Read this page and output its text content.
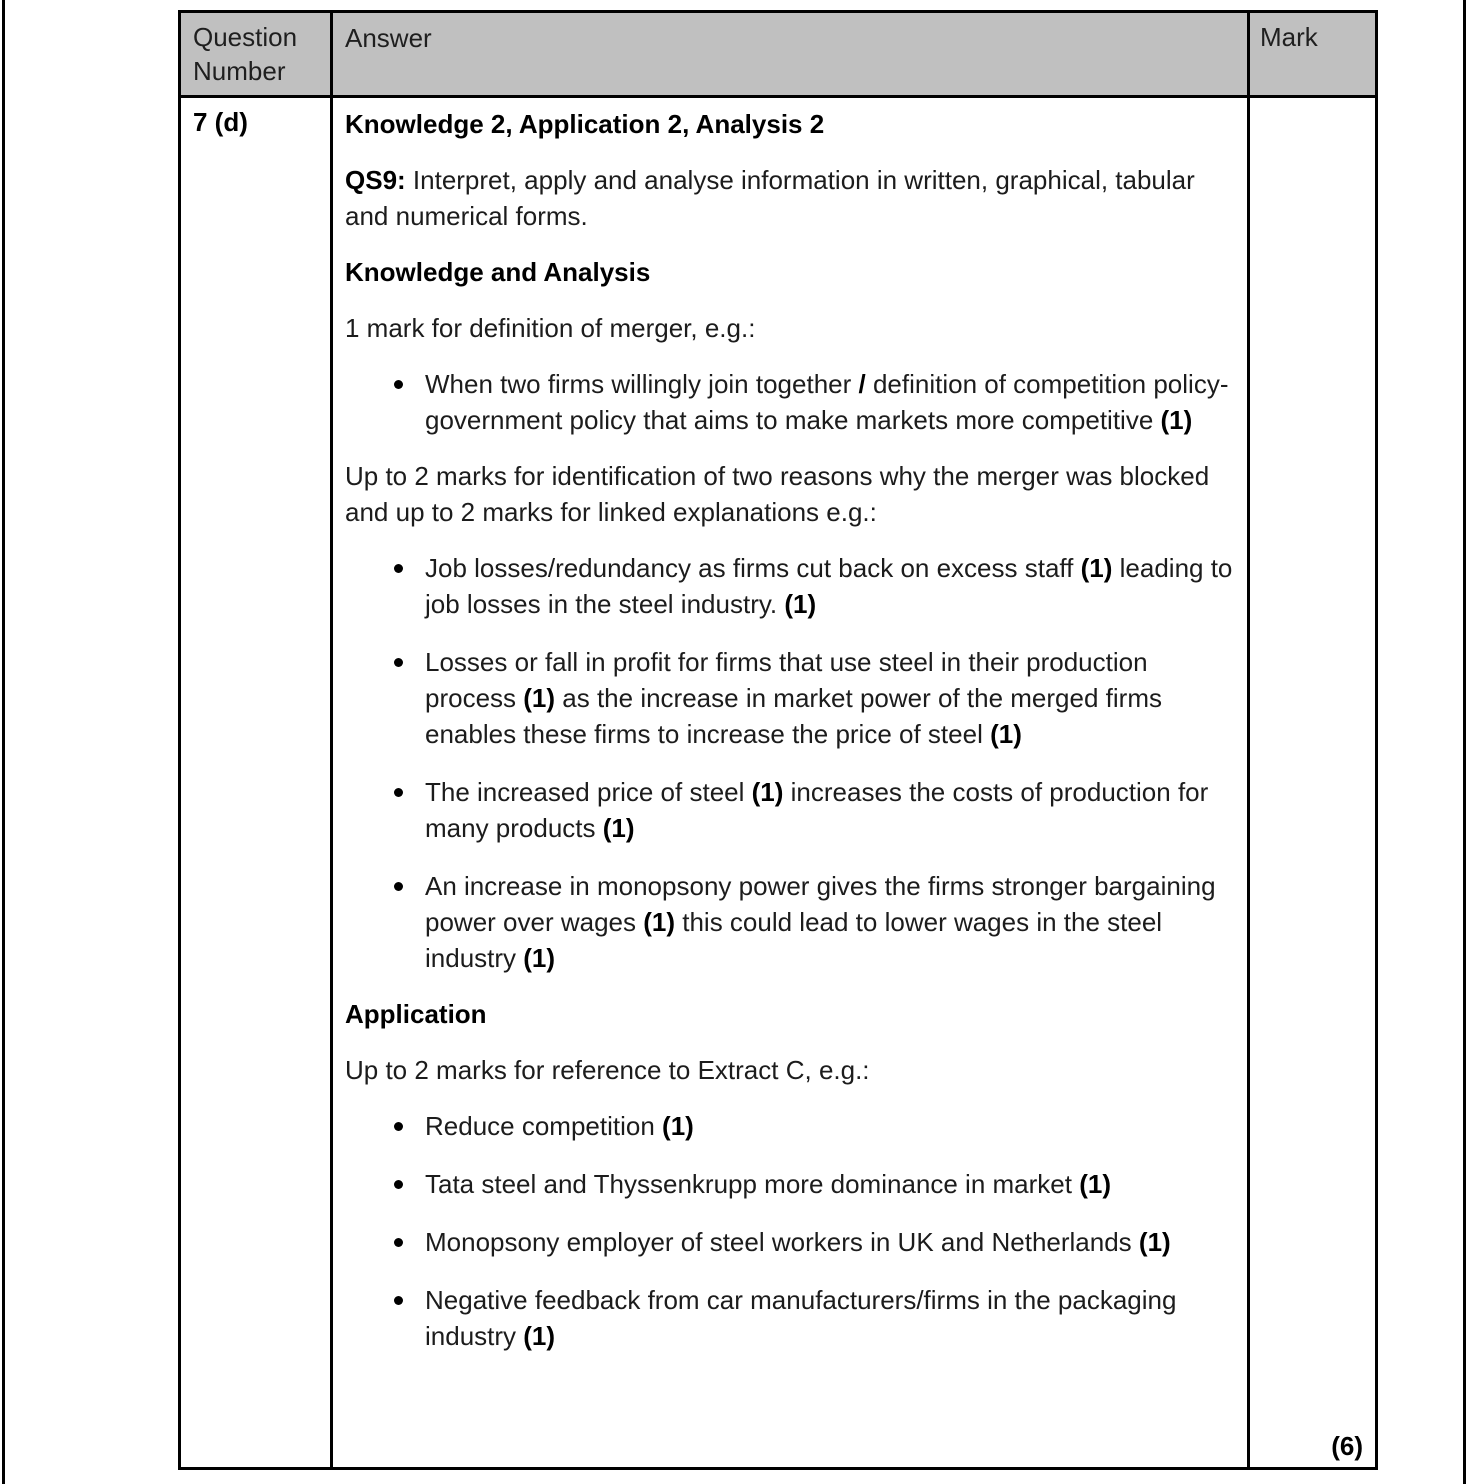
Question Number
Answer	Mark
7 (d)	Knowledge 2, Application 2, Analysis 2

QS9: Interpret, apply and analyse information in written, graphical, tabular and numerical forms.

Knowledge and Analysis

1 mark for definition of merger, e.g.:

When two firms willingly join together / definition of competition policy- government policy that aims to make markets more competitive (1)

Up to 2 marks for identification of two reasons why the merger was blocked and up to 2 marks for linked explanations e.g.:

Job losses/redundancy as firms cut back on excess staff (1) leading to job losses in the steel industry. (1)
Losses or fall in profit for firms that use steel in their production process (1) as the increase in market power of the merged firms enables these firms to increase the price of steel (1)
The increased price of steel (1) increases the costs of production for many products (1)
An increase in monopsony power gives the firms stronger bargaining power over wages (1) this could lead to lower wages in the steel industry (1)

Application

Up to 2 marks for reference to Extract C, e.g.:

Reduce competition (1)
Tata steel and Thyssenkrupp more dominance in market (1)
Monopsony employer of steel workers in UK and Netherlands (1)
Negative feedback from car manufacturers/firms in the packaging industry (1)
(6)
